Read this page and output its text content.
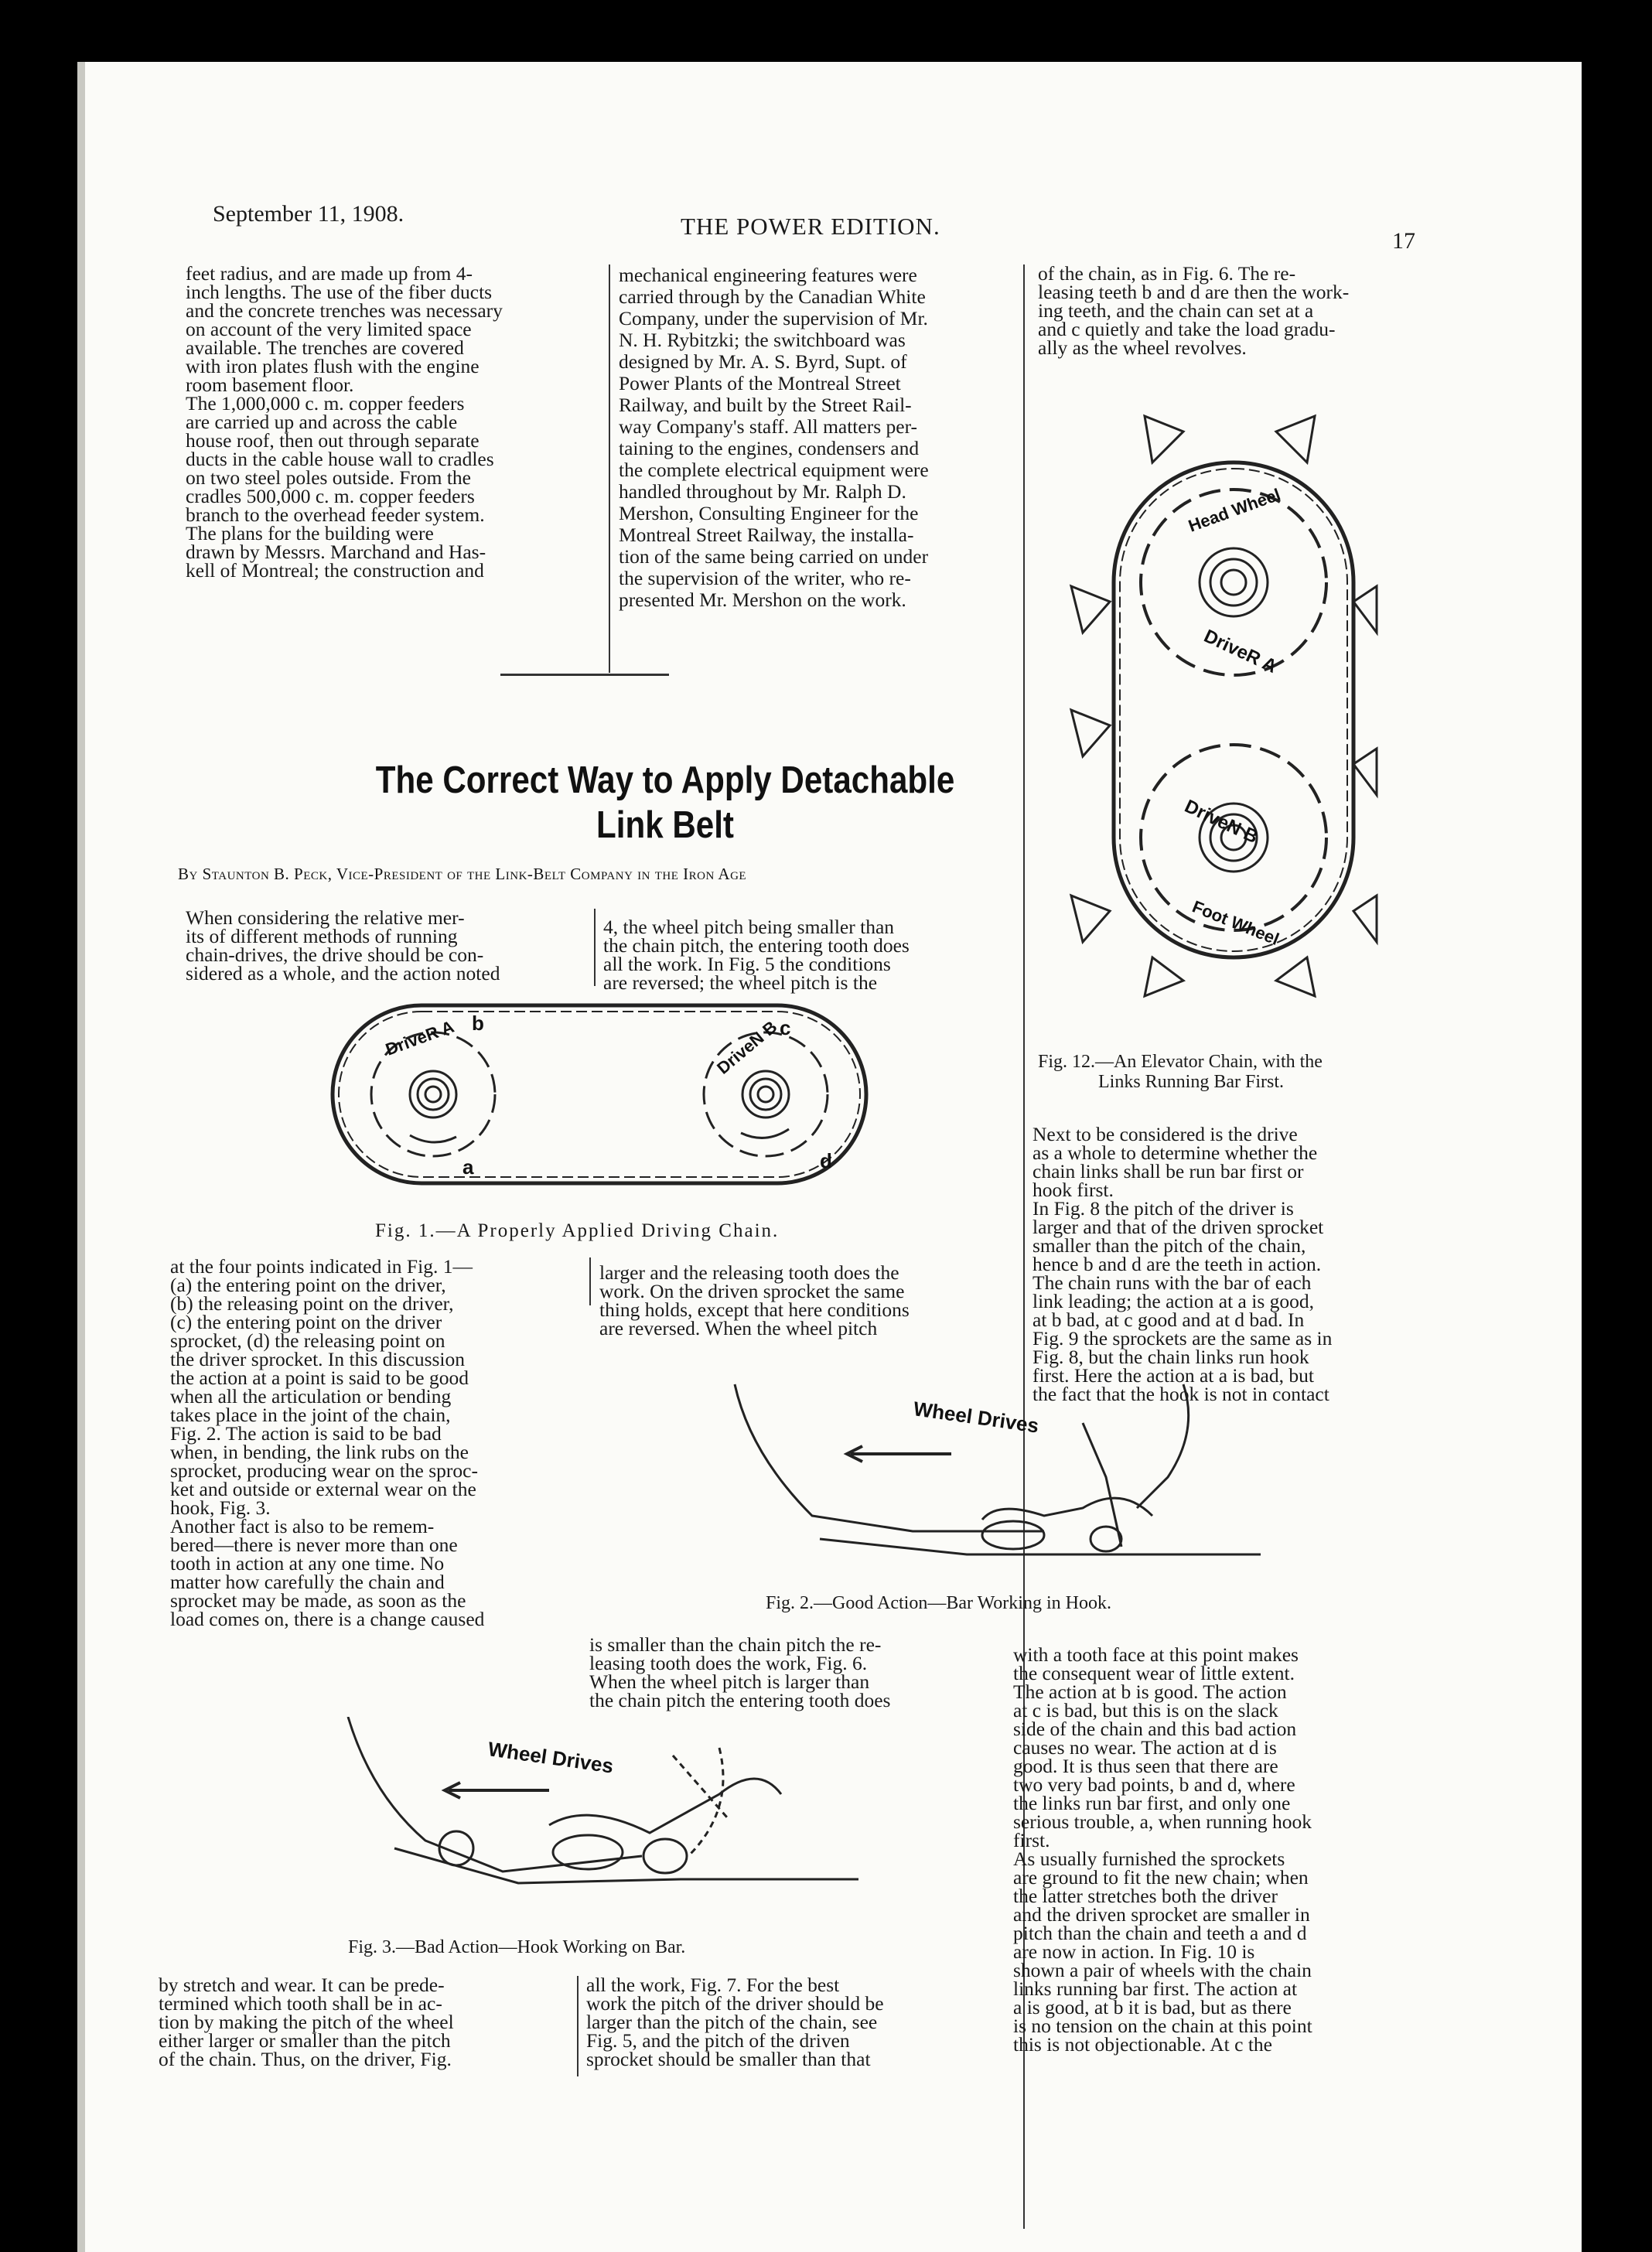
September 11, 1908.	THE POWER EDITION.
17
feet radius, and are made up from 4-
inch lengths. The use of the fiber ducts
and the concrete trenches was necessary
on account of the very limited space
available. The trenches are covered
with iron plates flush with the engine
room basement floor.
The 1,000,000 c. m. copper feeders
are carried up and across the cable
house roof, then out through separate
ducts in the cable house wall to cradles
on two steel poles outside. From the
cradles 500,000 c. m. copper feeders
branch to the overhead feeder system.
The plans for the building were
drawn by Messrs. Marchand and Has-
kell of Montreal; the construction and
mechanical engineering features were
carried through by the Canadian White
Company, under the supervision of Mr.
N. H. Rybitzki; the switchboard was
designed by Mr. A. S. Byrd, Supt. of
Power Plants of the Montreal Street
Railway, and built by the Street Rail-
way Company's staff. All matters per-
taining to the engines, condensers and
the complete electrical equipment were
handled throughout by Mr. Ralph D.
Mershon, Consulting Engineer for the
Montreal Street Railway, the installa-
tion of the same being carried on under
the supervision of the writer, who re-
presented Mr. Mershon on the work.
of the chain, as in Fig. 6. The re-
leasing teeth b and d are then the work-
ing teeth, and the chain can set at a
and c quietly and take the load gradu-
ally as the wheel revolves.
The Correct Way to Apply Detachable
Link Belt
By Staunton B. Peck, Vice-President of the Link-Belt Company in the Iron Age
Head Wheel
DriveR A
DriveN B
Foot Wheel
Fig. 12.—An Elevator Chain, with the
Links Running Bar First.
When considering the relative mer-
its of different methods of running
chain-drives, the drive should be con-
sidered as a whole, and the action noted
4, the wheel pitch being smaller than
the chain pitch, the entering tooth does
all the work. In Fig. 5 the conditions
are reversed; the wheel pitch is the
DriveR A	DriveN B
a
b	c
d
Fig. 1.—A Properly Applied Driving Chain.
at the four points indicated in Fig. 1—
(a) the entering point on the driver,
(b) the releasing point on the driver,
(c) the entering point on the driver
sprocket, (d) the releasing point on
the driver sprocket. In this discussion
the action at a point is said to be good
when all the articulation or bending
takes place in the joint of the chain,
Fig. 2. The action is said to be bad
when, in bending, the link rubs on the
sprocket, producing wear on the sproc-
ket and outside or external wear on the
hook, Fig. 3.
Another fact is also to be remem-
bered—there is never more than one
tooth in action at any one time. No
matter how carefully the chain and
sprocket may be made, as soon as the
load comes on, there is a change caused
larger and the releasing tooth does the
work. On the driven sprocket the same
thing holds, except that here conditions
are reversed. When the wheel pitch
Wheel Drives
Fig. 2.—Good Action—Bar Working in Hook.
is smaller than the chain pitch the re-
leasing tooth does the work, Fig. 6.
When the wheel pitch is larger than
the chain pitch the entering tooth does
Wheel Drives
Fig. 3.—Bad Action—Hook Working on Bar.
by stretch and wear. It can be prede-
termined which tooth shall be in ac-
tion by making the pitch of the wheel
either larger or smaller than the pitch
of the chain. Thus, on the driver, Fig.
all the work, Fig. 7. For the best
work the pitch of the driver should be
larger than the pitch of the chain, see
Fig. 5, and the pitch of the driven
sprocket should be smaller than that
Next to be considered is the drive
as a whole to determine whether the
chain links shall be run bar first or
hook first.
In Fig. 8 the pitch of the driver is
larger and that of the driven sprocket
smaller than the pitch of the chain,
hence b and d are the teeth in action.
The chain runs with the bar of each
link leading; the action at a is good,
at b bad, at c good and at d bad. In
Fig. 9 the sprockets are the same as in
Fig. 8, but the chain links run hook
first. Here the action at a is bad, but
the fact that the hook is not in contact
with a tooth face at this point makes
the consequent wear of little extent.
The action at b is good. The action
at c is bad, but this is on the slack
side of the chain and this bad action
causes no wear. The action at d is
good. It is thus seen that there are
two very bad points, b and d, where
the links run bar first, and only one
serious trouble, a, when running hook
first.
As usually furnished the sprockets
are ground to fit the new chain; when
the latter stretches both the driver
and the driven sprocket are smaller in
pitch than the chain and teeth a and d
are now in action. In Fig. 10 is
shown a pair of wheels with the chain
links running bar first. The action at
a is good, at b it is bad, but as there
is no tension on the chain at this point
this is not objectionable. At c the
